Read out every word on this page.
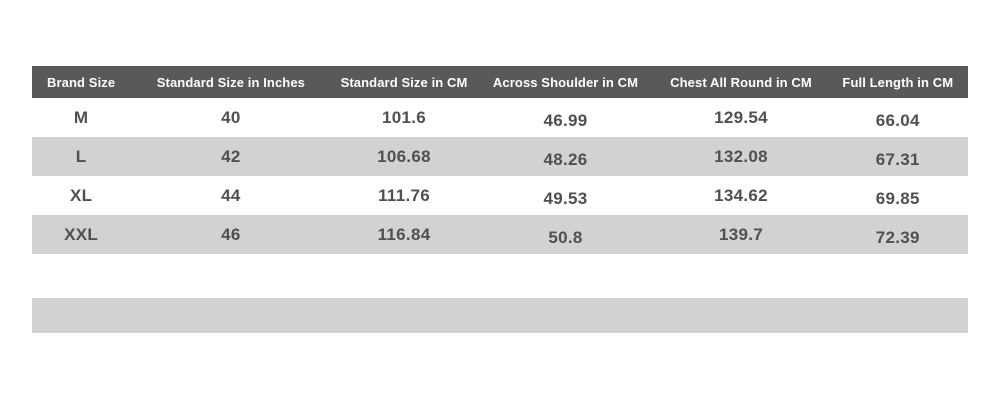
Brand Size	Standard Size in Inches	Standard Size in CM	Across Shoulder in CM	Chest All Round in CM	Full Length in CM
M	40	101.6	46.99	129.54	66.04
L	42	106.68	48.26	132.08	67.31
XL	44	111.76	49.53	134.62	69.85
XXL	46	116.84	50.8	139.7	72.39
